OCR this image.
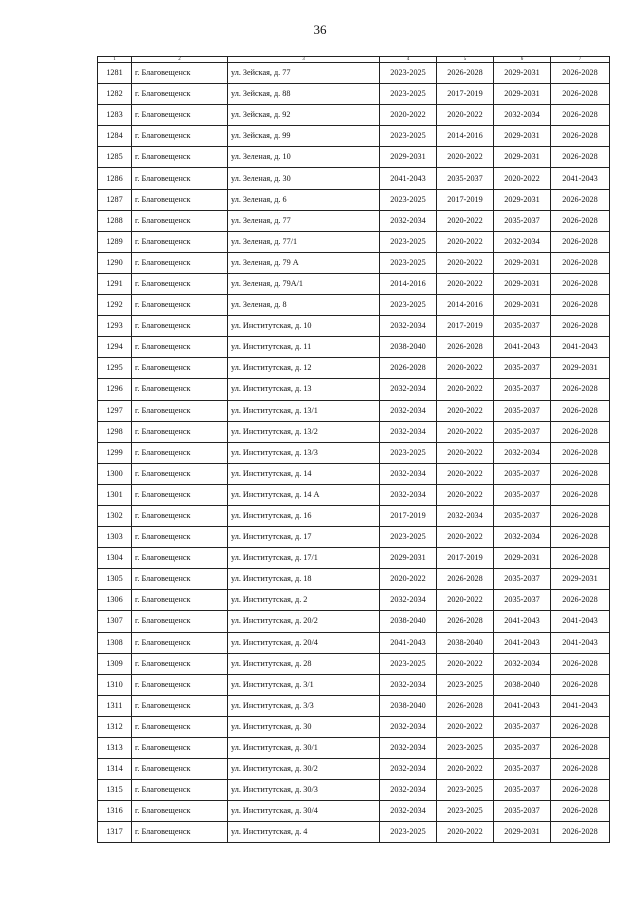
36
1	2	3	4	5	6	7
1281	г. Благовещенск	ул. Зейская, д. 77	2023-2025	2026-2028	2029-2031	2026-2028
1282	г. Благовещенск	ул. Зейская, д. 88	2023-2025	2017-2019	2029-2031	2026-2028
1283	г. Благовещенск	ул. Зейская, д. 92	2020-2022	2020-2022	2032-2034	2026-2028
1284	г. Благовещенск	ул. Зейская, д. 99	2023-2025	2014-2016	2029-2031	2026-2028
1285	г. Благовещенск	ул. Зеленая, д. 10	2029-2031	2020-2022	2029-2031	2026-2028
1286	г. Благовещенск	ул. Зеленая, д. 30	2041-2043	2035-2037	2020-2022	2041-2043
1287	г. Благовещенск	ул. Зеленая, д. 6	2023-2025	2017-2019	2029-2031	2026-2028
1288	г. Благовещенск	ул. Зеленая, д. 77	2032-2034	2020-2022	2035-2037	2026-2028
1289	г. Благовещенск	ул. Зеленая, д. 77/1	2023-2025	2020-2022	2032-2034	2026-2028
1290	г. Благовещенск	ул. Зеленая, д. 79 А	2023-2025	2020-2022	2029-2031	2026-2028
1291	г. Благовещенск	ул. Зеленая, д. 79А/1	2014-2016	2020-2022	2029-2031	2026-2028
1292	г. Благовещенск	ул. Зеленая, д. 8	2023-2025	2014-2016	2029-2031	2026-2028
1293	г. Благовещенск	ул. Институтская, д. 10	2032-2034	2017-2019	2035-2037	2026-2028
1294	г. Благовещенск	ул. Институтская, д. 11	2038-2040	2026-2028	2041-2043	2041-2043
1295	г. Благовещенск	ул. Институтская, д. 12	2026-2028	2020-2022	2035-2037	2029-2031
1296	г. Благовещенск	ул. Институтская, д. 13	2032-2034	2020-2022	2035-2037	2026-2028
1297	г. Благовещенск	ул. Институтская, д. 13/1	2032-2034	2020-2022	2035-2037	2026-2028
1298	г. Благовещенск	ул. Институтская, д. 13/2	2032-2034	2020-2022	2035-2037	2026-2028
1299	г. Благовещенск	ул. Институтская, д. 13/3	2023-2025	2020-2022	2032-2034	2026-2028
1300	г. Благовещенск	ул. Институтская, д. 14	2032-2034	2020-2022	2035-2037	2026-2028
1301	г. Благовещенск	ул. Институтская, д. 14 А	2032-2034	2020-2022	2035-2037	2026-2028
1302	г. Благовещенск	ул. Институтская, д. 16	2017-2019	2032-2034	2035-2037	2026-2028
1303	г. Благовещенск	ул. Институтская, д. 17	2023-2025	2020-2022	2032-2034	2026-2028
1304	г. Благовещенск	ул. Институтская, д. 17/1	2029-2031	2017-2019	2029-2031	2026-2028
1305	г. Благовещенск	ул. Институтская, д. 18	2020-2022	2026-2028	2035-2037	2029-2031
1306	г. Благовещенск	ул. Институтская, д. 2	2032-2034	2020-2022	2035-2037	2026-2028
1307	г. Благовещенск	ул. Институтская, д. 20/2	2038-2040	2026-2028	2041-2043	2041-2043
1308	г. Благовещенск	ул. Институтская, д. 20/4	2041-2043	2038-2040	2041-2043	2041-2043
1309	г. Благовещенск	ул. Институтская, д. 28	2023-2025	2020-2022	2032-2034	2026-2028
1310	г. Благовещенск	ул. Институтская, д. 3/1	2032-2034	2023-2025	2038-2040	2026-2028
1311	г. Благовещенск	ул. Институтская, д. 3/3	2038-2040	2026-2028	2041-2043	2041-2043
1312	г. Благовещенск	ул. Институтская, д. 30	2032-2034	2020-2022	2035-2037	2026-2028
1313	г. Благовещенск	ул. Институтская, д. 30/1	2032-2034	2023-2025	2035-2037	2026-2028
1314	г. Благовещенск	ул. Институтская, д. 30/2	2032-2034	2020-2022	2035-2037	2026-2028
1315	г. Благовещенск	ул. Институтская, д. 30/3	2032-2034	2023-2025	2035-2037	2026-2028
1316	г. Благовещенск	ул. Институтская, д. 30/4	2032-2034	2023-2025	2035-2037	2026-2028
1317	г. Благовещенск	ул. Институтская, д. 4	2023-2025	2020-2022	2029-2031	2026-2028
